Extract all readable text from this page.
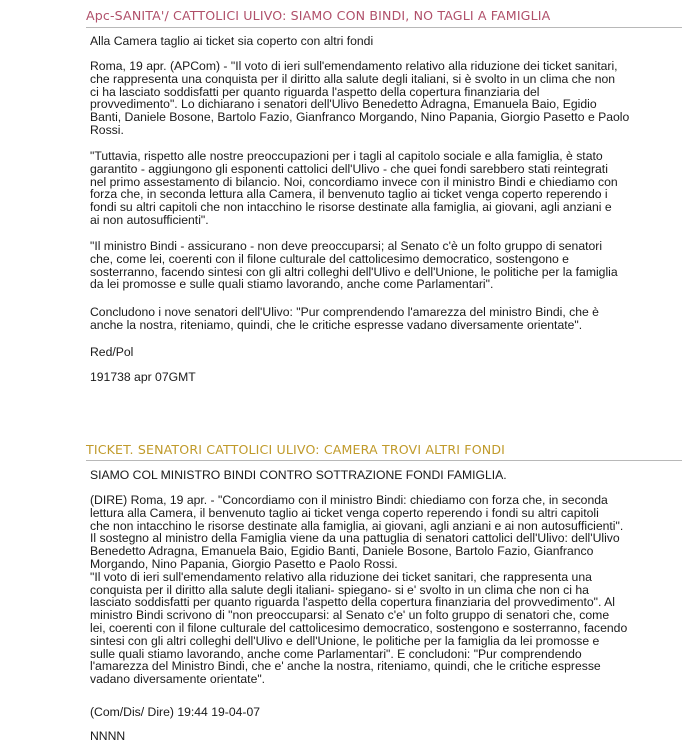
Apc-SANITA'/ CATTOLICI ULIVO: SIAMO CON BINDI, NO TAGLI A FAMIGLIA

Alla Camera taglio ai ticket sia coperto con altri fondi

Roma, 19 apr. (APCom) - "Il voto di ieri sull'emendamento relativo alla riduzione dei ticket sanitari,
che rappresenta una conquista per il diritto alla salute degli italiani, si è svolto in un clima che non
ci ha lasciato soddisfatti per quanto riguarda l'aspetto della copertura finanziaria del
provvedimento". Lo dichiarano i senatori dell'Ulivo Benedetto Adragna, Emanuela Baio, Egidio
Banti, Daniele Bosone, Bartolo Fazio, Gianfranco Morgando, Nino Papania, Giorgio Pasetto e Paolo
Rossi.

"Tuttavia, rispetto alle nostre preoccupazioni per i tagli al capitolo sociale e alla famiglia, è stato
garantito - aggiungono gli esponenti cattolici dell'Ulivo - che quei fondi sarebbero stati reintegrati
nel primo assestamento di bilancio. Noi, concordiamo invece con il ministro Bindi e chiediamo con
forza che, in seconda lettura alla Camera, il benvenuto taglio ai ticket venga coperto reperendo i
fondi su altri capitoli che non intacchino le risorse destinate alla famiglia, ai giovani, agli anziani e
ai non autosufficienti".

"Il ministro Bindi - assicurano - non deve preoccuparsi; al Senato c'è un folto gruppo di senatori
che, come lei, coerenti con il filone culturale del cattolicesimo democratico, sostengono e
sosterranno, facendo sintesi con gli altri colleghi dell'Ulivo e dell'Unione, le politiche per la famiglia
da lei promosse e sulle quali stiamo lavorando, anche come Parlamentari".

Concludono i nove senatori dell'Ulivo: "Pur comprendendo l'amarezza del ministro Bindi, che è
anche la nostra, riteniamo, quindi, che le critiche espresse vadano diversamente orientate".

Red/Pol

191738 apr 07GMT

TICKET. SENATORI CATTOLICI ULIVO: CAMERA TROVI ALTRI FONDI

SIAMO COL MINISTRO BINDI CONTRO SOTTRAZIONE FONDI FAMIGLIA.

(DIRE) Roma, 19 apr. - "Concordiamo con il ministro Bindi: chiediamo con forza che, in seconda
lettura alla Camera, il benvenuto taglio ai ticket venga coperto reperendo i fondi su altri capitoli
che non intacchino le risorse destinate alla famiglia, ai giovani, agli anziani e ai non autosufficienti".
Il sostegno al ministro della Famiglia viene da una pattuglia di senatori cattolici dell'Ulivo: dell'Ulivo
Benedetto Adragna, Emanuela Baio, Egidio Banti, Daniele Bosone, Bartolo Fazio, Gianfranco
Morgando, Nino Papania, Giorgio Pasetto e Paolo Rossi.
"Il voto di ieri sull'emendamento relativo alla riduzione dei ticket sanitari, che rappresenta una
conquista per il diritto alla salute degli italiani- spiegano- si e' svolto in un clima che non ci ha
lasciato soddisfatti per quanto riguarda l'aspetto della copertura finanziaria del provvedimento". Al
ministro Bindi scrivono di "non preoccuparsi: al Senato c'e' un folto gruppo di senatori che, come
lei, coerenti con il filone culturale del cattolicesimo democratico, sostengono e sosterranno, facendo
sintesi con gli altri colleghi dell'Ulivo e dell'Unione, le politiche per la famiglia da lei promosse e
sulle quali stiamo lavorando, anche come Parlamentari". E concludoni: "Pur comprendendo
l'amarezza del Ministro Bindi, che e' anche la nostra, riteniamo, quindi, che le critiche espresse
vadano diversamente orientate".

(Com/Dis/ Dire) 19:44 19-04-07

NNNN
